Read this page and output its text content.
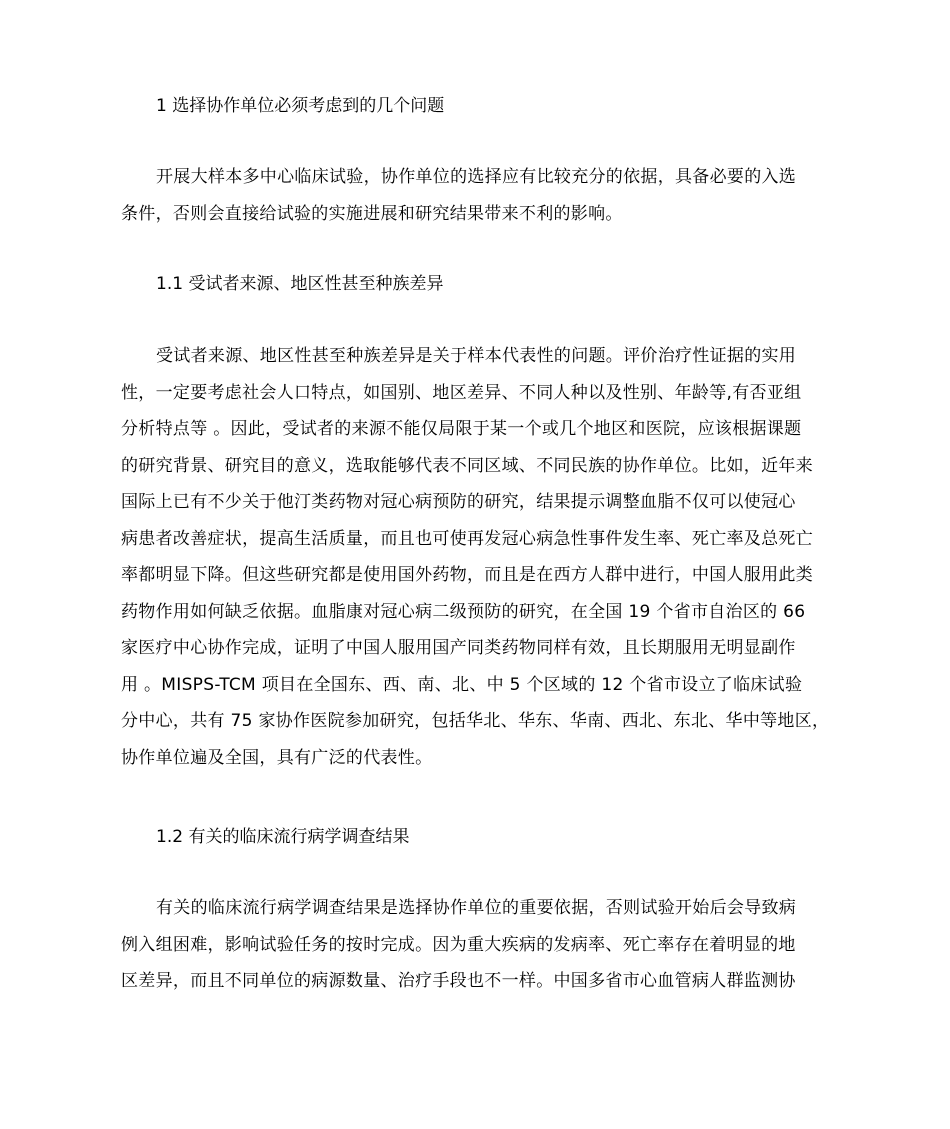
1 选择协作单位必须考虑到的几个问题
开展大样本多中心临床试验，协作单位的选择应有比较充分的依据，具备必要的入选
条件，否则会直接给试验的实施进展和研究结果带来不利的影响。
1.1 受试者来源、地区性甚至种族差异
受试者来源、地区性甚至种族差异是关于样本代表性的问题。评价治疗性证据的实用
性，一定要考虑社会人口特点，如国别、地区差异、不同人种以及性别、年龄等,有否亚组
分析特点等 。因此，受试者的来源不能仅局限于某一个或几个地区和医院，应该根据课题
的研究背景、研究目的意义，选取能够代表不同区域、不同民族的协作单位。比如，近年来
国际上已有不少关于他汀类药物对冠心病预防的研究，结果提示调整血脂不仅可以使冠心
病患者改善症状，提高生活质量，而且也可使再发冠心病急性事件发生率、死亡率及总死亡
率都明显下降。但这些研究都是使用国外药物，而且是在西方人群中进行，中国人服用此类
药物作用如何缺乏依据。血脂康对冠心病二级预防的研究，在全国 19 个省市自治区的 66
家医疗中心协作完成，证明了中国人服用国产同类药物同样有效，且长期服用无明显副作
用 。MISPS-TCM 项目在全国东、西、南、北、中 5 个区域的 12 个省市设立了临床试验
分中心，共有 75 家协作医院参加研究，包括华北、华东、华南、西北、东北、华中等地区，
协作单位遍及全国，具有广泛的代表性。
1.2 有关的临床流行病学调查结果
有关的临床流行病学调查结果是选择协作单位的重要依据，否则试验开始后会导致病
例入组困难，影响试验任务的按时完成。因为重大疾病的发病率、死亡率存在着明显的地
区差异，而且不同单位的病源数量、治疗手段也不一样。中国多省市心血管病人群监测协
